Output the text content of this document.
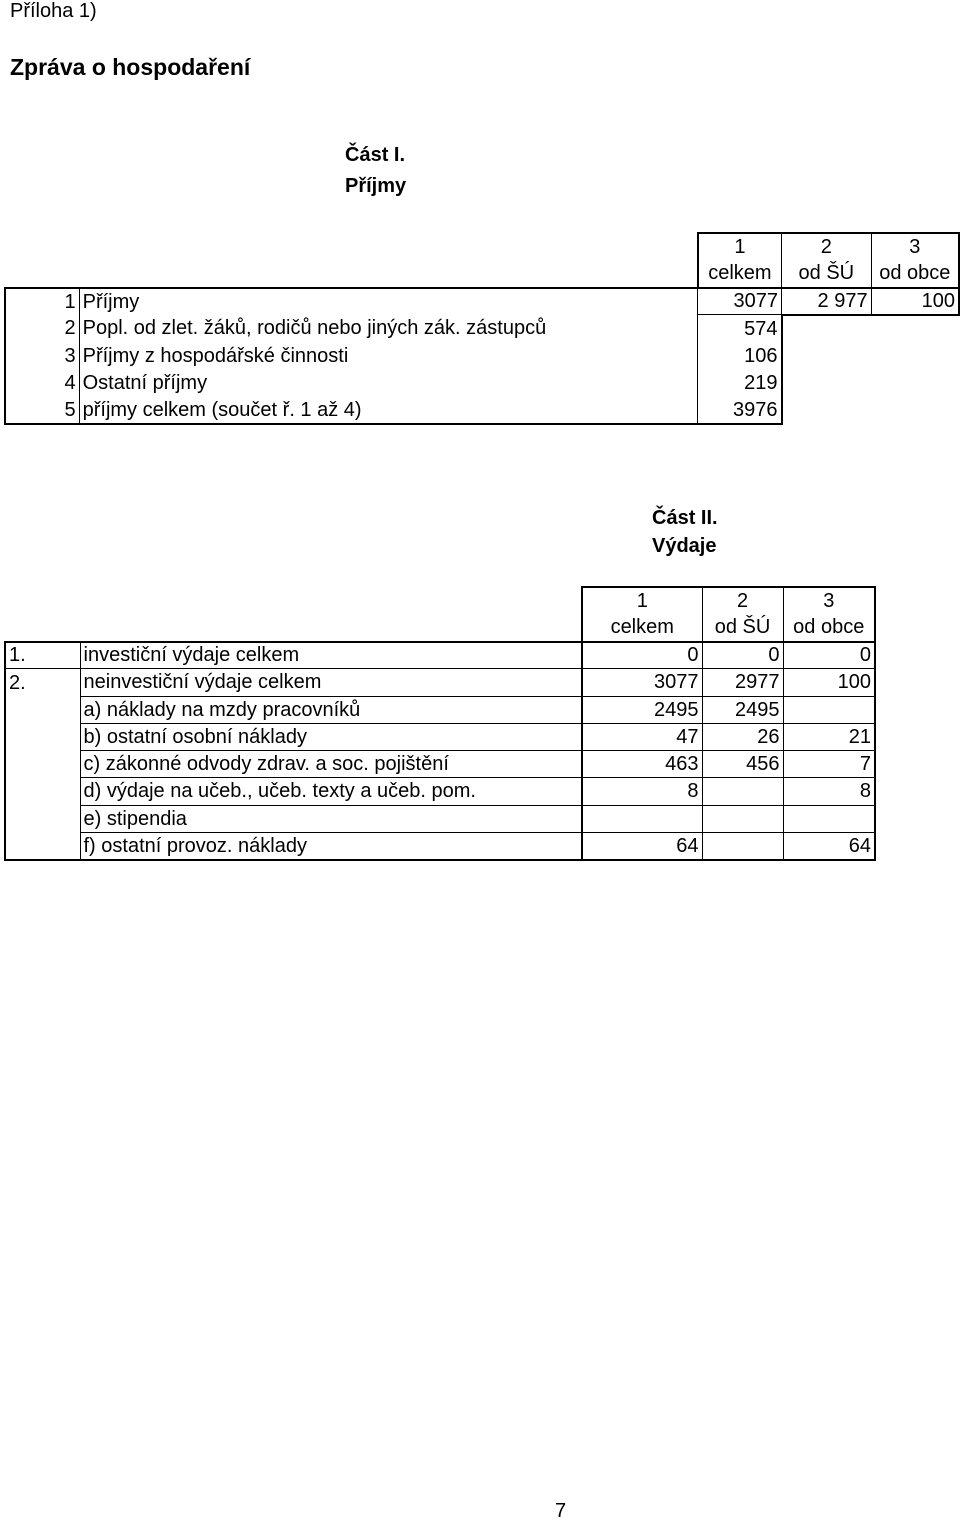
Příloha 1)
Zpráva o hospodaření
Část I.
Příjmy
		1	2	3
		celkem	od ŠÚ	od obce
1	Příjmy	3077	2 977	100
2	Popl. od zlet. žáků, rodičů nebo jiných zák. zástupců	574		
3	Příjmy z hospodářské činnosti	106		
4	Ostatní příjmy	219		
5	příjmy celkem (součet ř. 1 až 4)	3976		
Část II.
Výdaje
		1	2	3
		celkem	od ŠÚ	od obce
1.	investiční výdaje celkem	0	0	0
2.	neinvestiční výdaje celkem	3077	2977	100
	a) náklady na mzdy pracovníků	2495	2495	
	b) ostatní osobní náklady	47	26	21
	c) zákonné odvody zdrav. a soc. pojištění	463	456	7
	d) výdaje na učeb., učeb. texty a učeb. pom.	8		8
	e) stipendia			
	f) ostatní provoz. náklady	64		64
7
